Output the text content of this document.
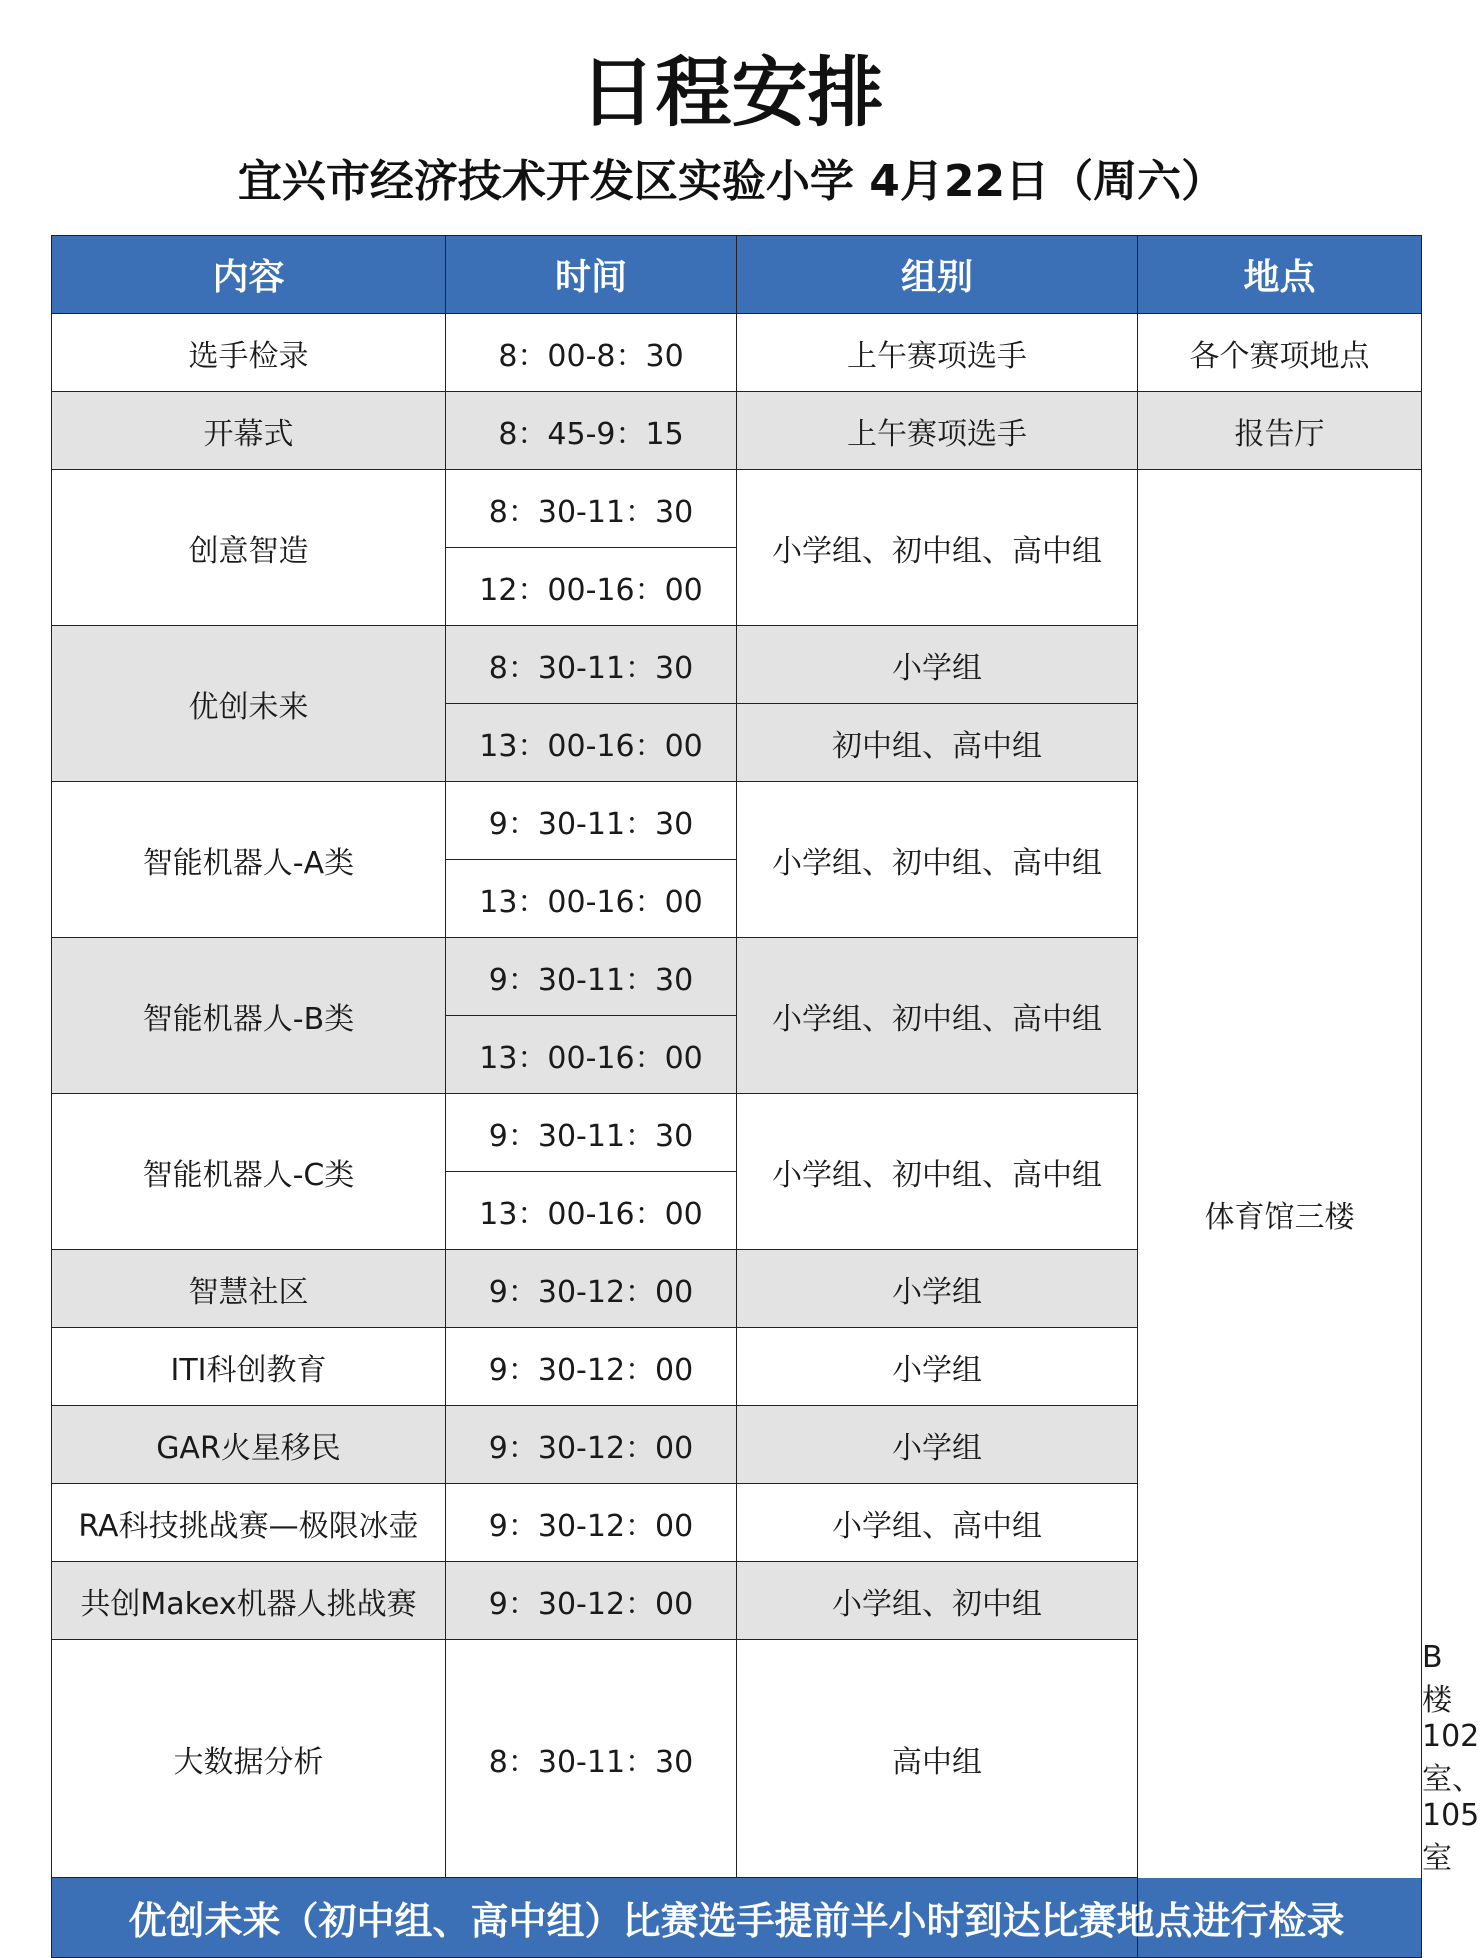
日程安排
宜兴市经济技术开发区实验小学 4月22日（周六）
内容	时间	组别	地点	
选手检录	8：00-8：30	上午赛项选手	各个赛项地点	
开幕式	8：45-9：15	上午赛项选手	报告厅	
创意智造	8：30-11：30	小学组、初中组、高中组	体育馆三楼	
	12：00-16：00			
优创未来	8：30-11：30	小学组		
	13：00-16：00	初中组、高中组		
智能机器人-A类	9：30-11：30	小学组、初中组、高中组		
	13：00-16：00			
智能机器人-B类	9：30-11：30	小学组、初中组、高中组		
	13：00-16：00			
智能机器人-C类	9：30-11：30	小学组、初中组、高中组		
	13：00-16：00			
智慧社区	9：30-12：00	小学组		
ITI科创教育	9：30-12：00	小学组		
GAR火星移民	9：30-12：00	小学组		
RA科技挑战赛—极限冰壶	9：30-12：00	小学组、高中组		
共创Makex机器人挑战赛	9：30-12：00	小学组、初中组		
大数据分析	8：30-11：30	高中组		B楼102室、105室
优创未来（初中组、高中组）比赛选手提前半小时到达比赛地点进行检录				
